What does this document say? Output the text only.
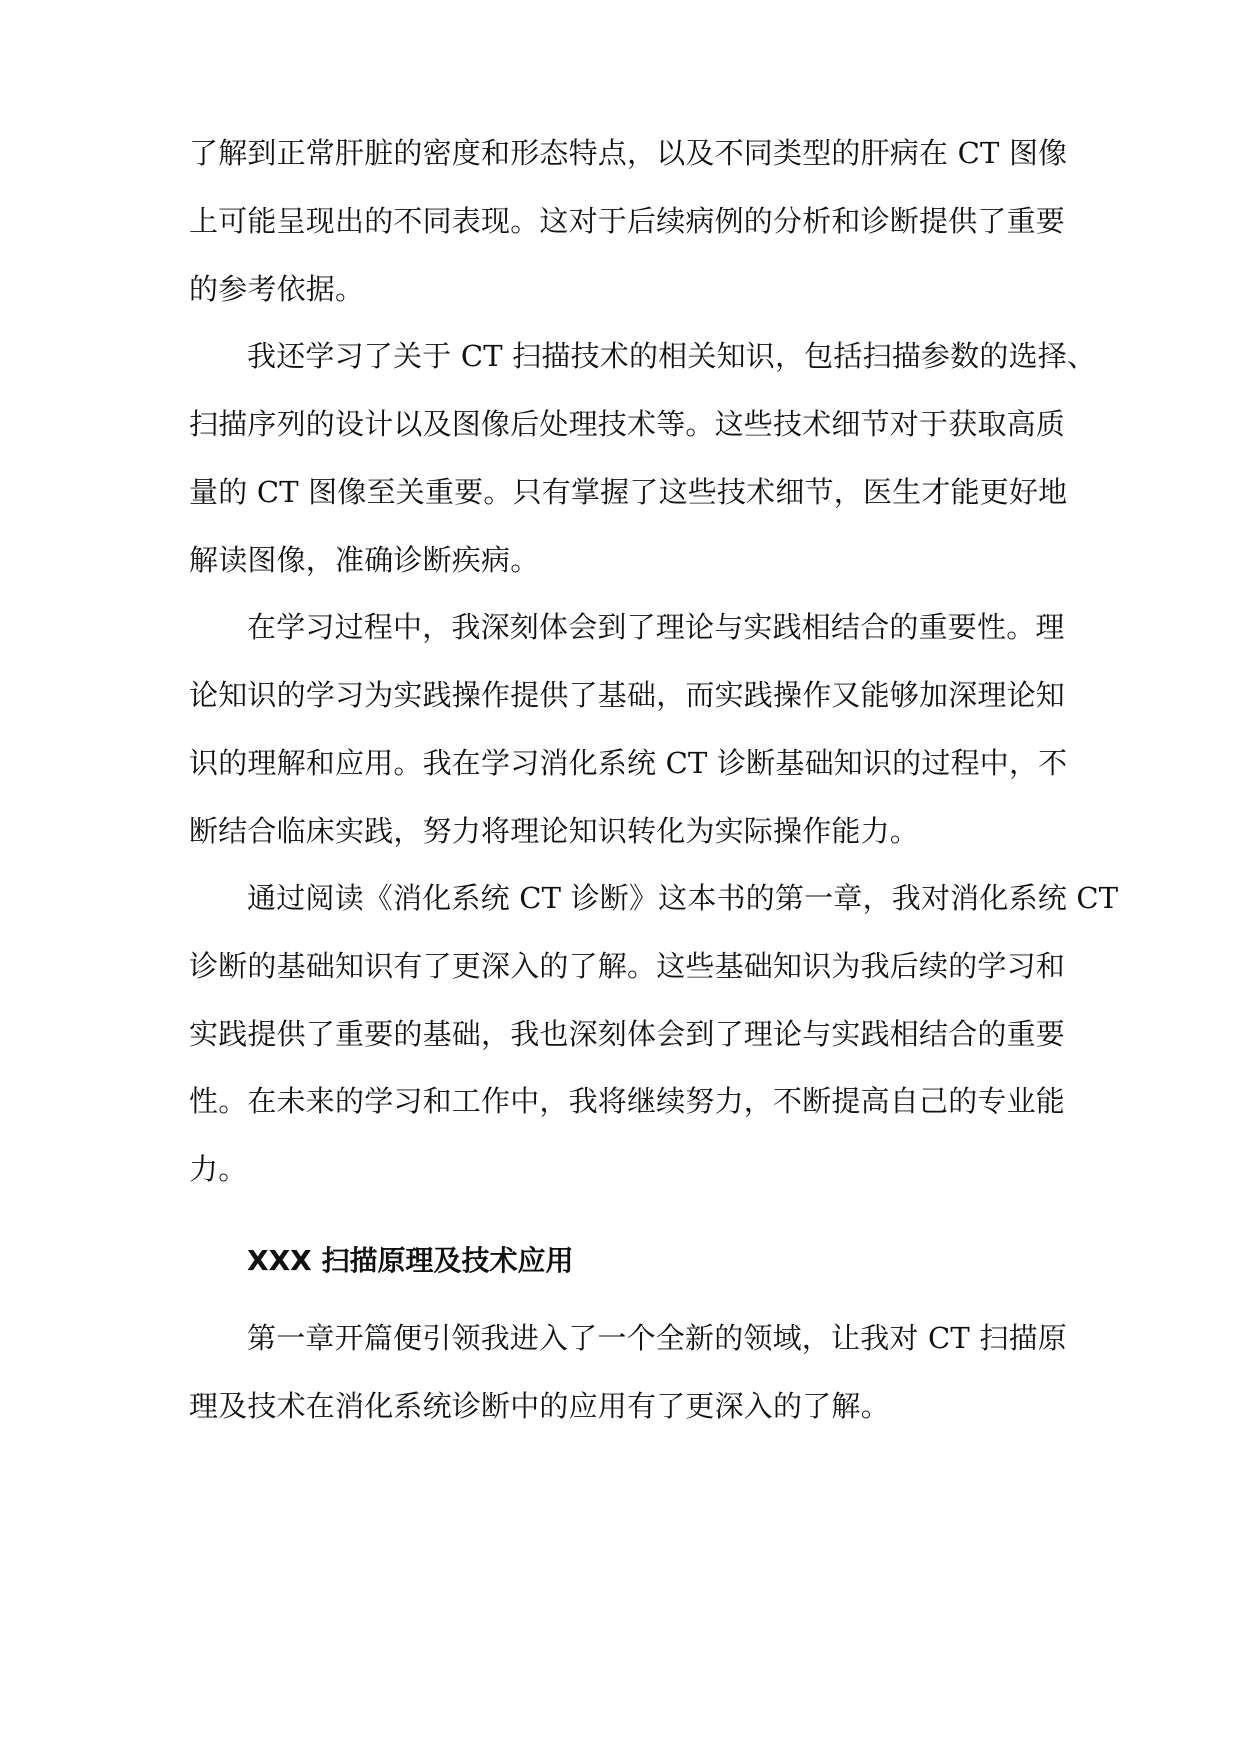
了解到正常肝脏的密度和形态特点，以及不同类型的肝病在 CT 图像
上可能呈现出的不同表现。这对于后续病例的分析和诊断提供了重要
的参考依据。
我还学习了关于 CT 扫描技术的相关知识，包括扫描参数的选择、
扫描序列的设计以及图像后处理技术等。这些技术细节对于获取高质
量的 CT 图像至关重要。只有掌握了这些技术细节，医生才能更好地
解读图像，准确诊断疾病。
在学习过程中，我深刻体会到了理论与实践相结合的重要性。理
论知识的学习为实践操作提供了基础，而实践操作又能够加深理论知
识的理解和应用。我在学习消化系统 CT 诊断基础知识的过程中，不
断结合临床实践，努力将理论知识转化为实际操作能力。
通过阅读《消化系统 CT 诊断》这本书的第一章，我对消化系统 CT
诊断的基础知识有了更深入的了解。这些基础知识为我后续的学习和
实践提供了重要的基础，我也深刻体会到了理论与实践相结合的重要
性。在未来的学习和工作中，我将继续努力，不断提高自己的专业能
力。
XXX 扫描原理及技术应用
第一章开篇便引领我进入了一个全新的领域，让我对 CT 扫描原
理及技术在消化系统诊断中的应用有了更深入的了解。
